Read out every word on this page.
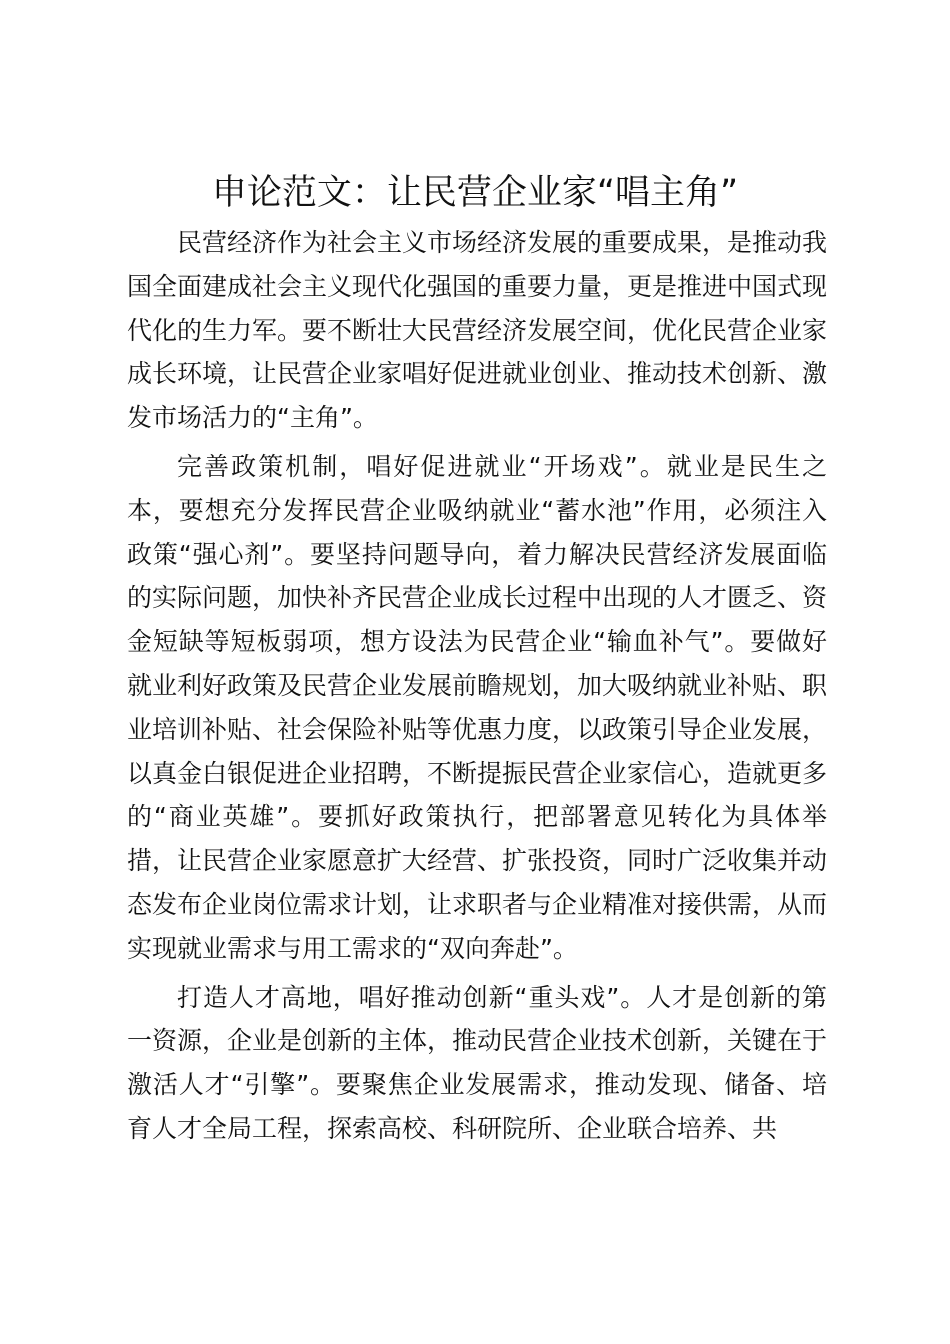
申论范文：让民营企业家“唱主角”

民营经济作为社会主义市场经济发展的重要成果，是推动我国全面建成社会主义现代化强国的重要力量，更是推进中国式现代化的生力军。要不断壮大民营经济发展空间，优化民营企业家成长环境，让民营企业家唱好促进就业创业、推动技术创新、激发市场活力的“主角”。

完善政策机制，唱好促进就业“开场戏”。就业是民生之本，要想充分发挥民营企业吸纳就业“蓄水池”作用，必须注入政策“强心剂”。要坚持问题导向，着力解决民营经济发展面临的实际问题，加快补齐民营企业成长过程中出现的人才匮乏、资金短缺等短板弱项，想方设法为民营企业“输血补气”。要做好就业利好政策及民营企业发展前瞻规划，加大吸纳就业补贴、职业培训补贴、社会保险补贴等优惠力度，以政策引导企业发展，以真金白银促进企业招聘，不断提振民营企业家信心，造就更多的“商业英雄”。要抓好政策执行，把部署意见转化为具体举措，让民营企业家愿意扩大经营、扩张投资，同时广泛收集并动态发布企业岗位需求计划，让求职者与企业精准对接供需，从而实现就业需求与用工需求的“双向奔赴”。

打造人才高地，唱好推动创新“重头戏”。人才是创新的第一资源，企业是创新的主体，推动民营企业技术创新，关键在于激活人才“引擎”。要聚焦企业发展需求，推动发现、储备、培育人才全局工程，探索高校、科研院所、企业联合培养、共
